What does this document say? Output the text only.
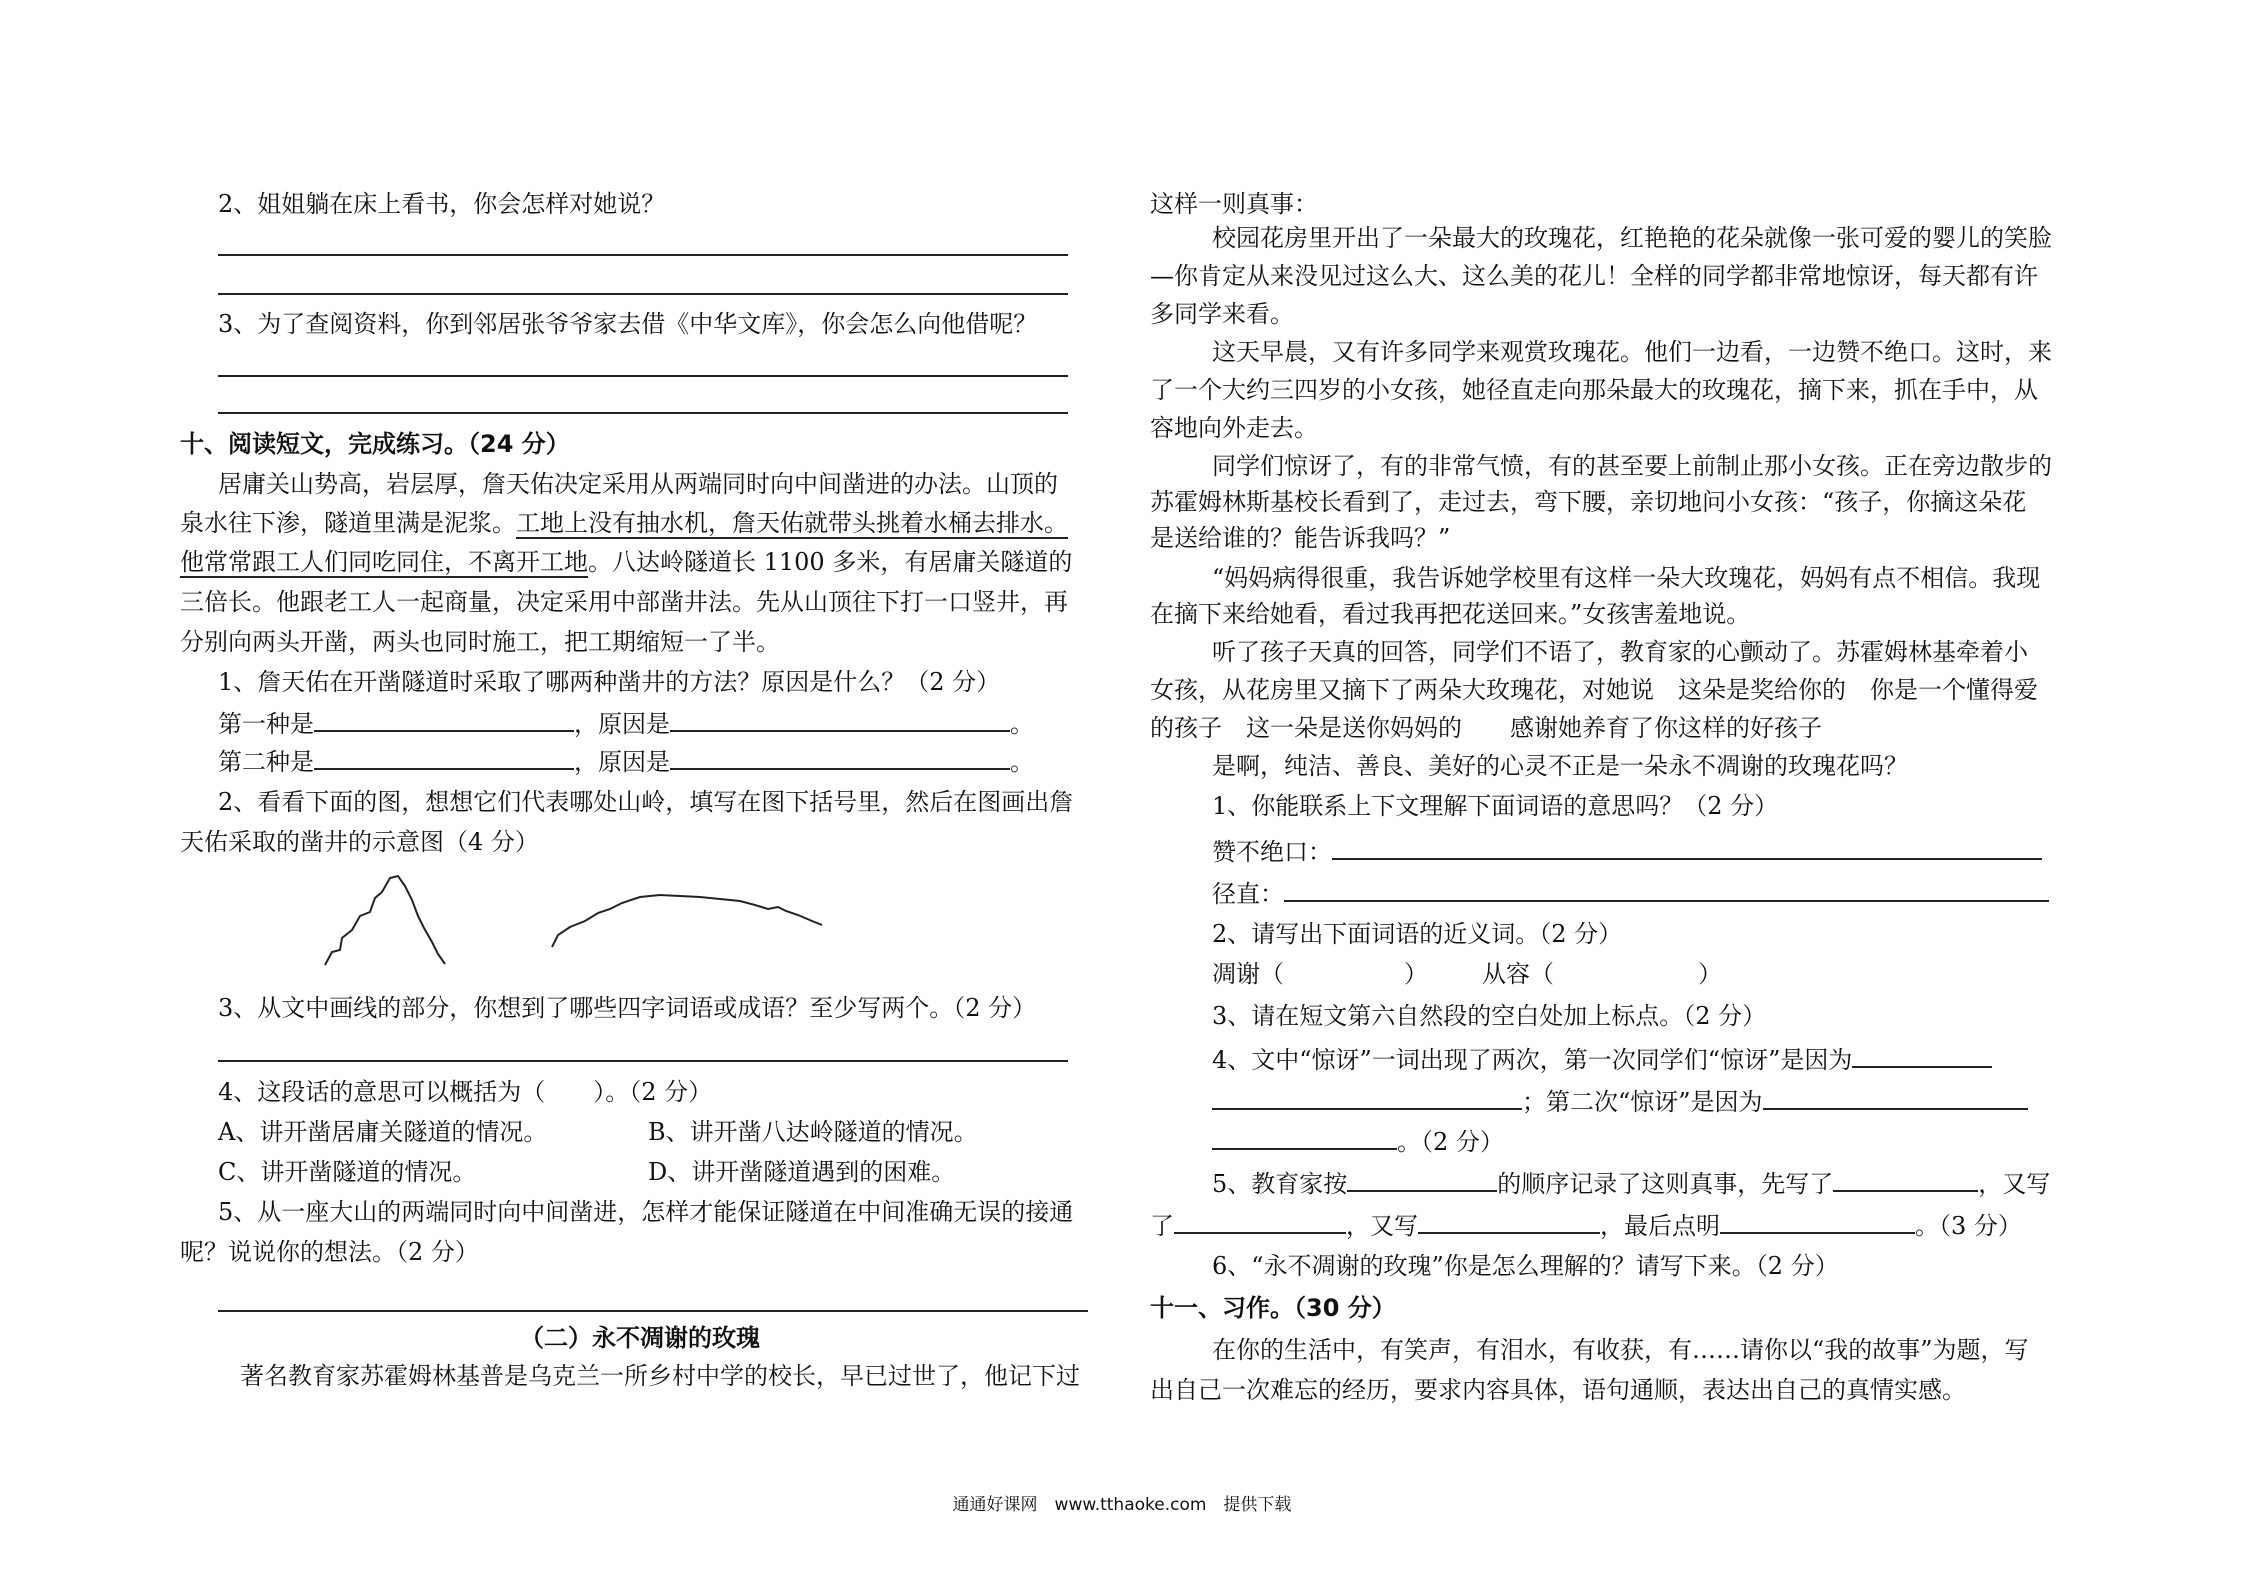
2、姐姐躺在床上看书，你会怎样对她说？
3、为了查阅资料，你到邻居张爷爷家去借《中华文库》，你会怎么向他借呢？
十、阅读短文，完成练习。（24 分）
居庸关山势高，岩层厚，詹天佑决定采用从两端同时向中间凿进的办法。山顶的
泉水往下渗，隧道里满是泥浆。工地上没有抽水机，詹天佑就带头挑着水桶去排水。
他常常跟工人们同吃同住，不离开工地。八达岭隧道长 1100 多米，有居庸关隧道的
三倍长。他跟老工人一起商量，决定采用中部凿井法。先从山顶往下打一口竖井，再
分别向两头开凿，两头也同时施工，把工期缩短一了半。
1、詹天佑在开凿隧道时采取了哪两种凿井的方法？原因是什么？（2 分）
第一种是	，原因是	。
第二种是	，原因是	。
2、看看下面的图，想想它们代表哪处山岭，填写在图下括号里，然后在图画出詹
天佑采取的凿井的示意图（4 分）
3、从文中画线的部分，你想到了哪些四字词语或成语？至少写两个。（2 分）
4、这段话的意思可以概括为（　　）。（2 分）
A、讲开凿居庸关隧道的情况。	B、讲开凿八达岭隧道的情况。
C、讲开凿隧道的情况。	D、讲开凿隧道遇到的困难。
5、从一座大山的两端同时向中间凿进，怎样才能保证隧道在中间准确无误的接通
呢？说说你的想法。（2 分）
（二）永不凋谢的玫瑰
著名教育家苏霍姆林基普是乌克兰一所乡村中学的校长，早已过世了，他记下过
这样一则真事：
校园花房里开出了一朵最大的玫瑰花，红艳艳的花朵就像一张可爱的婴儿的笑脸
—你肯定从来没见过这么大、这么美的花儿！全样的同学都非常地惊讶，每天都有许
多同学来看。
这天早晨，又有许多同学来观赏玫瑰花。他们一边看，一边赞不绝口。这时，来
了一个大约三四岁的小女孩，她径直走向那朵最大的玫瑰花，摘下来，抓在手中，从
容地向外走去。
同学们惊讶了，有的非常气愤，有的甚至要上前制止那小女孩。正在旁边散步的
苏霍姆林斯基校长看到了，走过去，弯下腰，亲切地问小女孩：“孩子，你摘这朵花
是送给谁的？能告诉我吗？”
“妈妈病得很重，我告诉她学校里有这样一朵大玫瑰花，妈妈有点不相信。我现
在摘下来给她看，看过我再把花送回来。”女孩害羞地说。
听了孩子天真的回答，同学们不语了，教育家的心颤动了。苏霍姆林基牵着小
女孩，从花房里又摘下了两朵大玫瑰花，对她说　这朵是奖给你的　你是一个懂得爱
的孩子　这一朵是送你妈妈的　　感谢她养育了你这样的好孩子
是啊，纯洁、善良、美好的心灵不正是一朵永不凋谢的玫瑰花吗？
1、你能联系上下文理解下面词语的意思吗？（2 分）
赞不绝口：
径直：
2、请写出下面词语的近义词。（2 分）
凋谢（　　　　　） 从容（　　　　　　）
3、请在短文第六自然段的空白处加上标点。（2 分）
4、文中“惊讶”一词出现了两次，第一次同学们“惊讶”是因为
；第二次“惊讶”是因为
。（2 分）
5、教育家按	的顺序记录了这则真事，先写了	，又写
了	，又写	，最后点明	。（3 分）
6、“永不凋谢的玫瑰”你是怎么理解的？请写下来。（2 分）
十一、习作。（30 分）
在你的生活中，有笑声，有泪水，有收获，有……请你以“我的故事”为题，写
出自己一次难忘的经历，要求内容具体，语句通顺，表达出自己的真情实感。
通通好课网　www.tthaoke.com　提供下载
